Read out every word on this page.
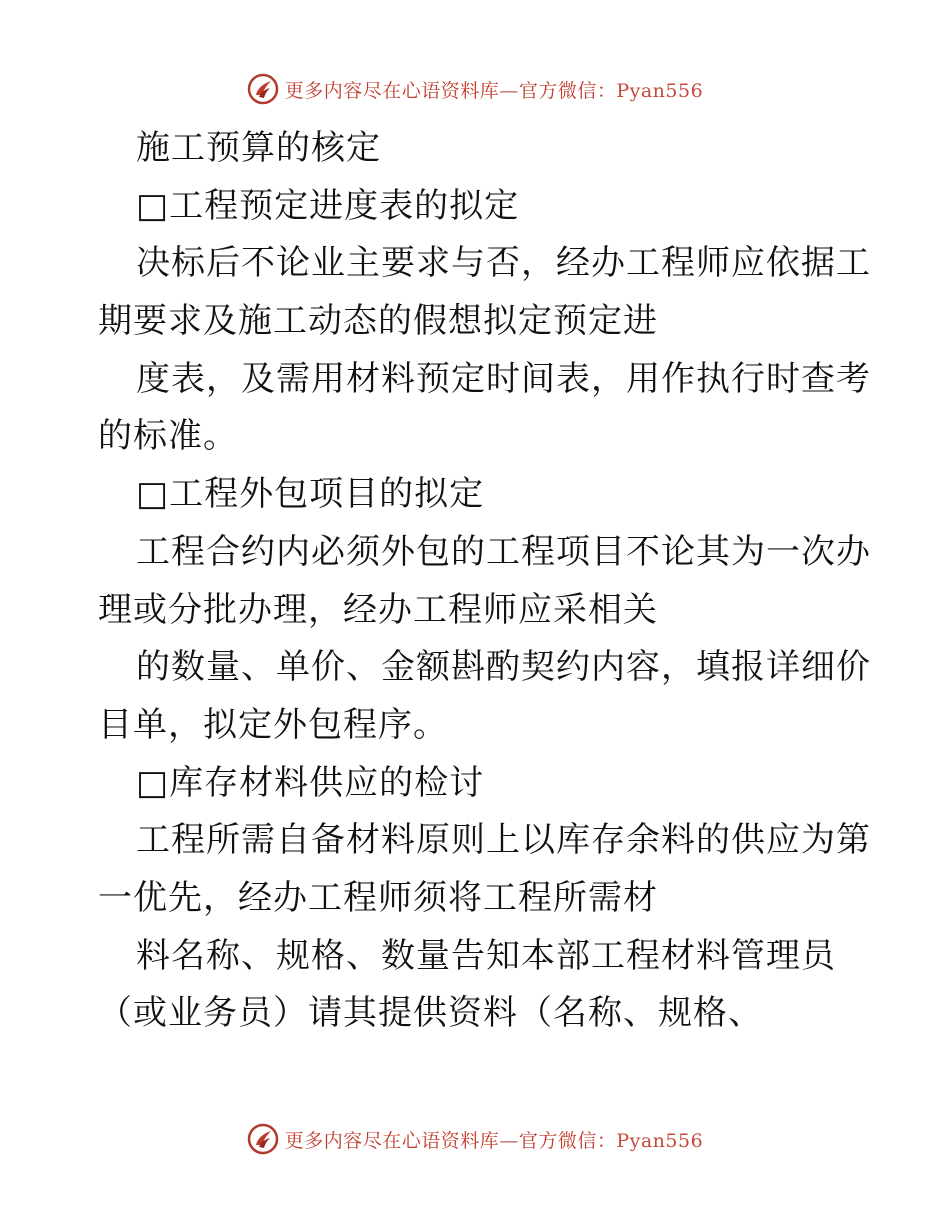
更多内容尽在心语资料库—官方微信：Pyan556
施工预算的核定
□工程预定进度表的拟定
决标后不论业主要求与否，经办工程师应依据工
期要求及施工动态的假想拟定预定进
度表，及需用材料预定时间表，用作执行时查考
的标准。
□工程外包项目的拟定
工程合约内必须外包的工程项目不论其为一次办
理或分批办理，经办工程师应采相关
的数量、单价、金额斟酌契约内容，填报详细价
目单，拟定外包程序。
□库存材料供应的检讨
工程所需自备材料原则上以库存余料的供应为第
一优先，经办工程师须将工程所需材
料名称、规格、数量告知本部工程材料管理员
（或业务员）请其提供资料（名称、规格、
更多内容尽在心语资料库—官方微信：Pyan556
